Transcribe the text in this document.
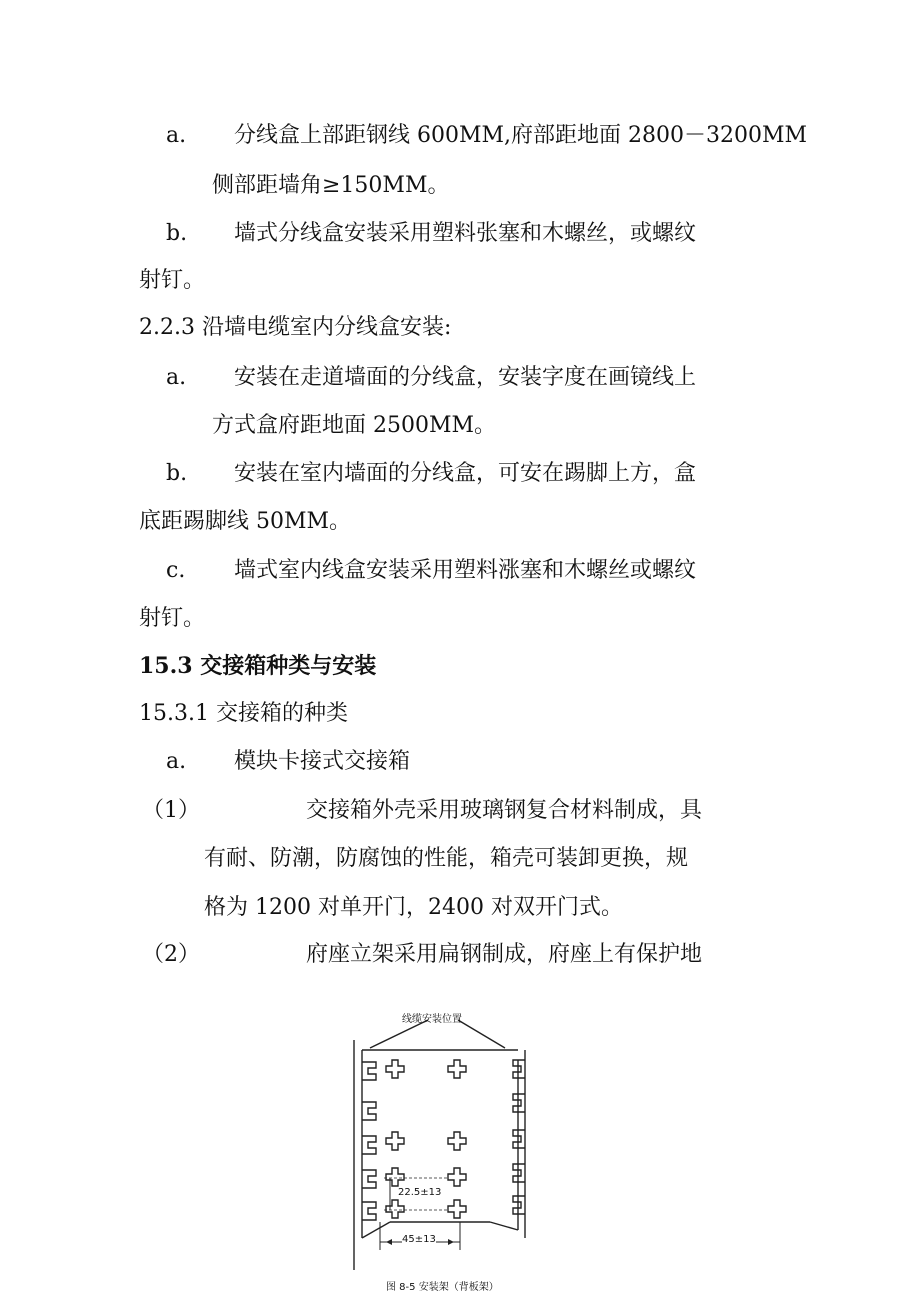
a. 分线盒上部距钢线 600MM,府部距地面 2800－3200MM
侧部距墙角≥150MM。
b. 墙式分线盒安装采用塑料张塞和木螺丝，或螺纹
射钉。
2.2.3 沿墙电缆室内分线盒安装:
a. 安装在走道墙面的分线盒，安装字度在画镜线上
方式盒府距地面 2500MM。
b. 安装在室内墙面的分线盒，可安在踢脚上方，盒
底距踢脚线 50MM。
c. 墙式室内线盒安装采用塑料涨塞和木螺丝或螺纹
射钉。
15.3 交接箱种类与安装
15.3.1 交接箱的种类
a. 模块卡接式交接箱
（1）	交接箱外壳采用玻璃钢复合材料制成，具
有耐、防潮，防腐蚀的性能，箱壳可装卸更换，规
格为 1200 对单开门，2400 对双开门式。
（2）	府座立架采用扁钢制成，府座上有保护地
线缆安装位置
22.5±13
45±13
图 8-5 安装架（背板架）
